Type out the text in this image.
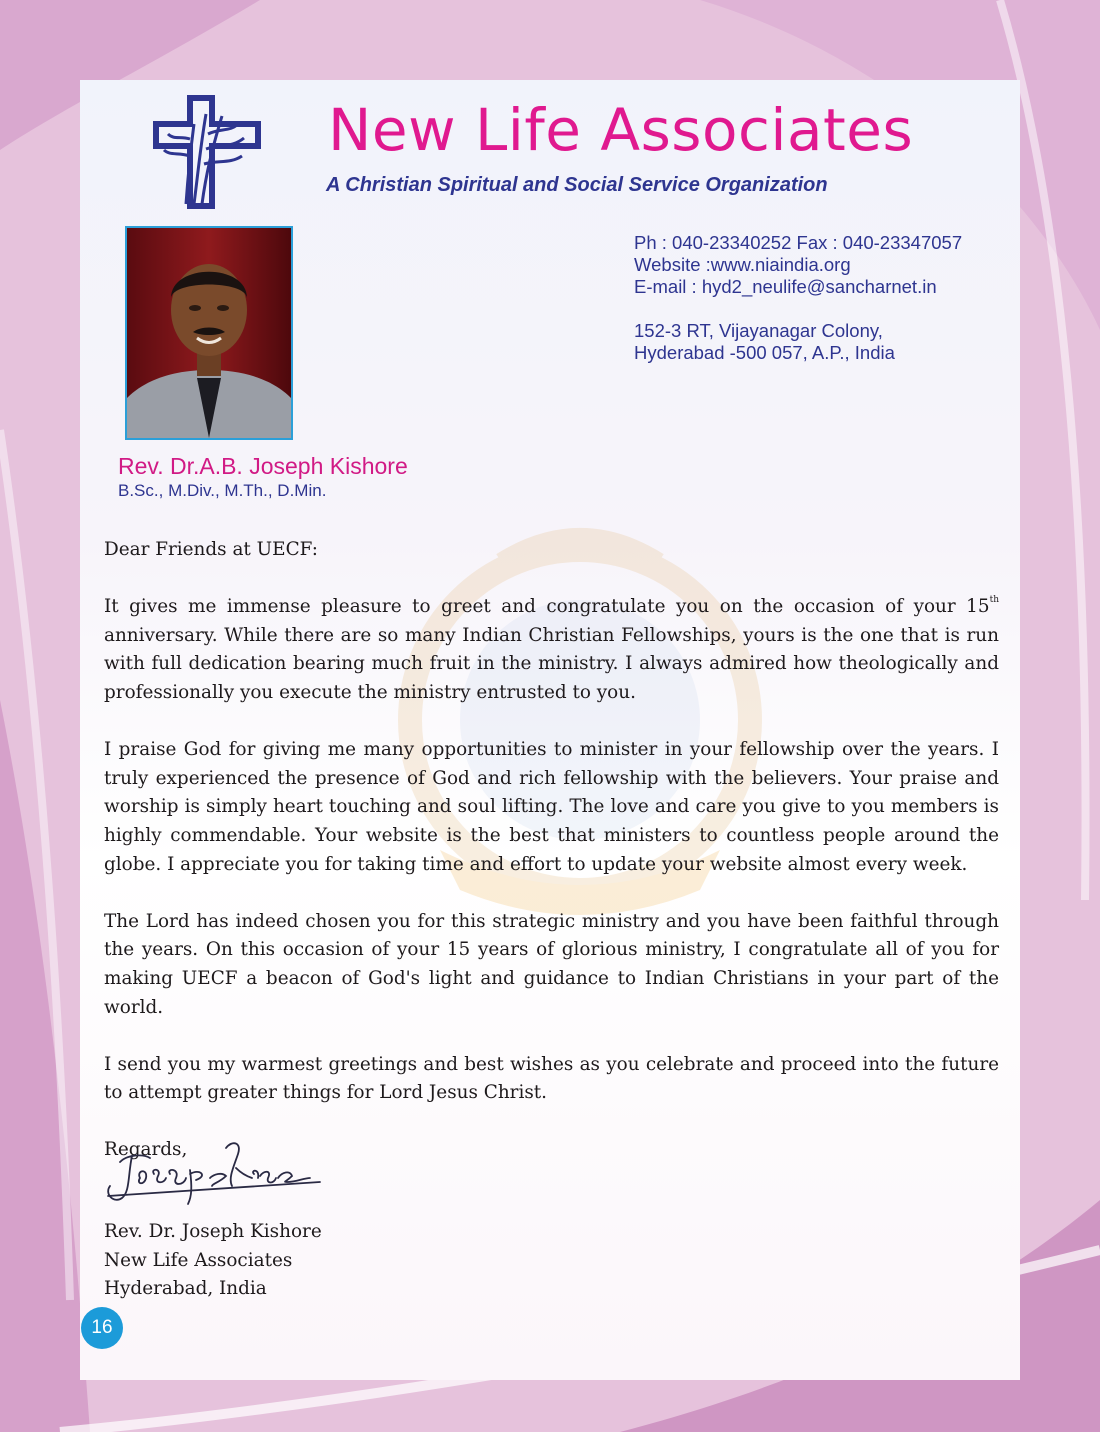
New Life Associates
A Christian Spiritual and Social Service Organization
Ph : 040-23340252 Fax : 040-23347057
Website :www.niaindia.org
E-mail : hyd2_neulife@sancharnet.in
152-3 RT, Vijayanagar Colony,
Hyderabad -500 057, A.P., India
Rev. Dr.A.B. Joseph Kishore
B.Sc., M.Div., M.Th., D.Min.

Dear Friends at UECF:

It gives me immense pleasure to greet and congratulate you on the occasion of your 15th anniversary. While there are so many Indian Christian Fellowships, yours is the one that is run with full dedication bearing much fruit in the ministry. I always admired how theologically and professionally you execute the ministry entrusted to you.

I praise God for giving me many opportunities to minister in your fellowship over the years. I truly experienced the presence of God and rich fellowship with the believers. Your praise and worship is simply heart touching and soul lifting. The love and care you give to you members is highly commendable. Your website is the best that ministers to countless people around the globe. I appreciate you for taking time and effort to update your website almost every week.

The Lord has indeed chosen you for this strategic ministry and you have been faithful through the years. On this occasion of your 15 years of glorious ministry, I congratulate all of you for making UECF a beacon of God's light and guidance to Indian Christians in your part of the world.

I send you my warmest greetings and best wishes as you celebrate and proceed into the future to attempt greater things for Lord Jesus Christ.

Regards,

Rev. Dr. Joseph Kishore
New Life Associates
Hyderabad, India
16
